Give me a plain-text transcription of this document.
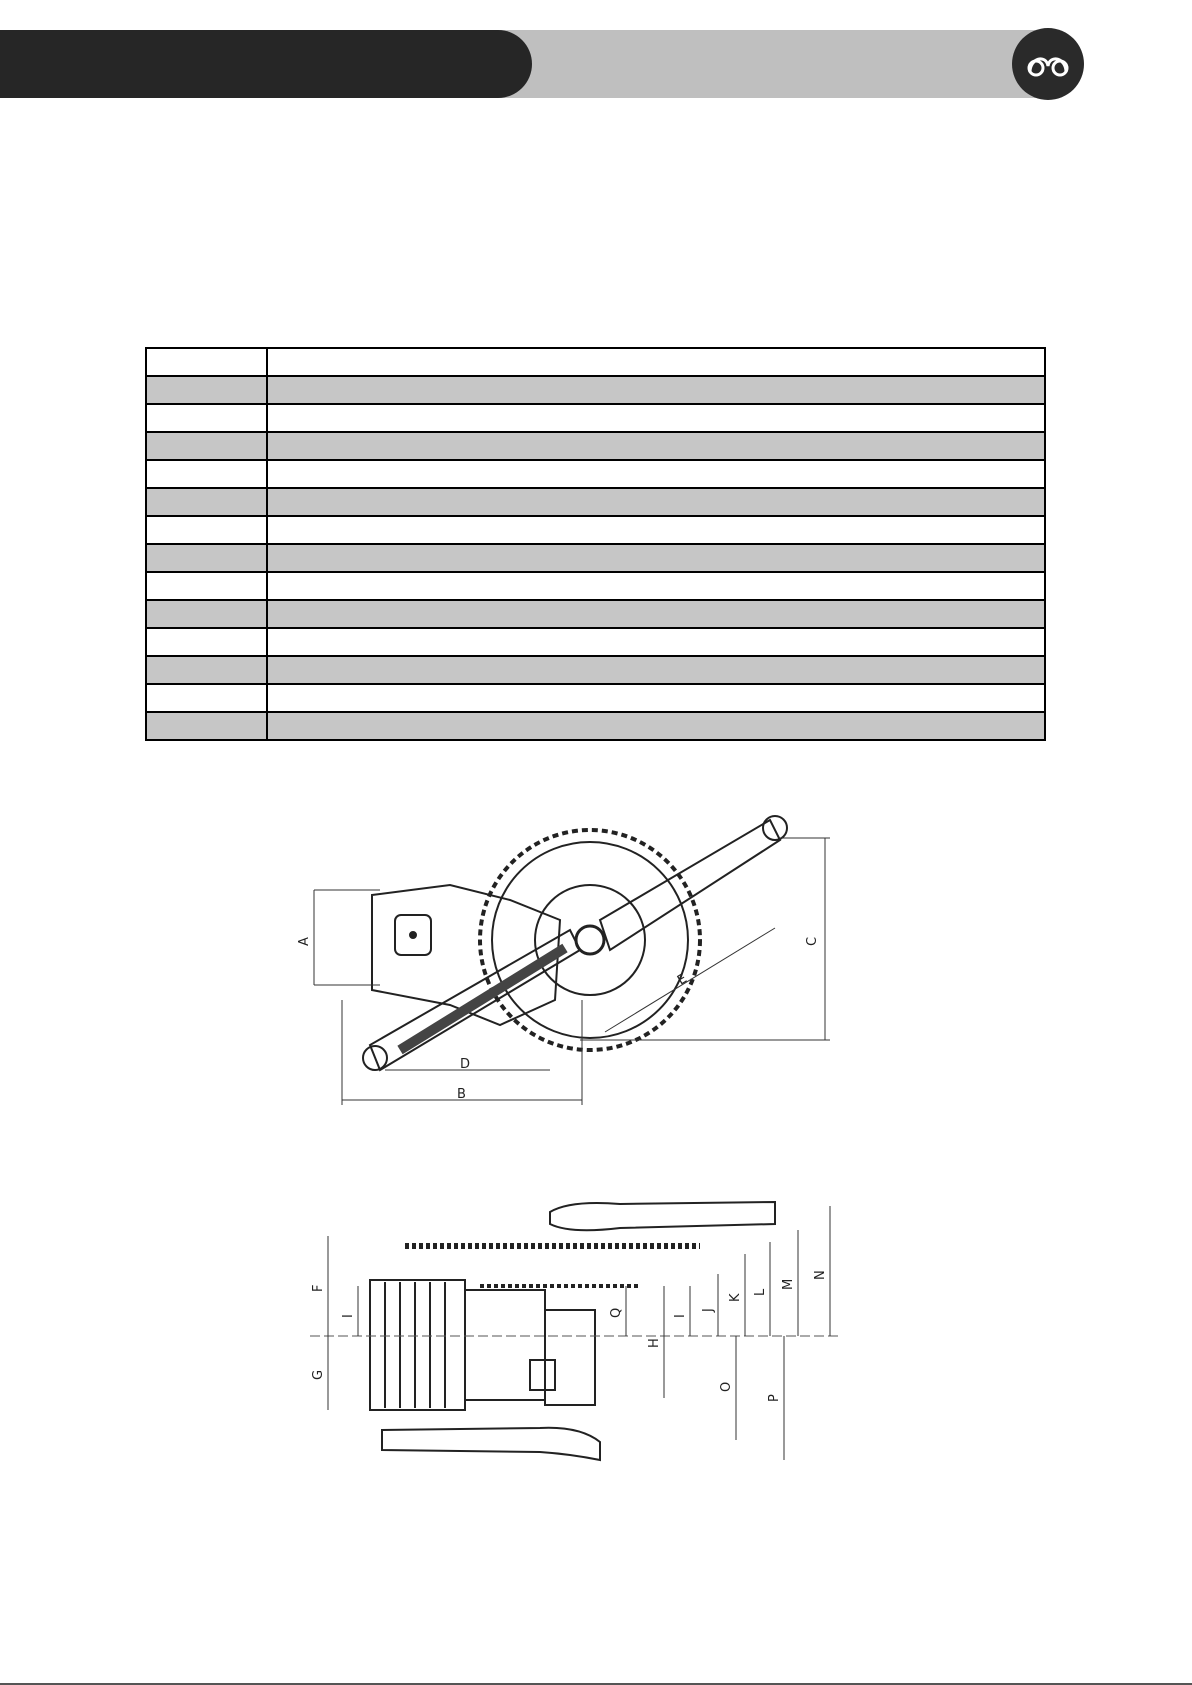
A
B
C
D
E
F
G
I	Q
H
I
J
K
L
M
N
O
P
